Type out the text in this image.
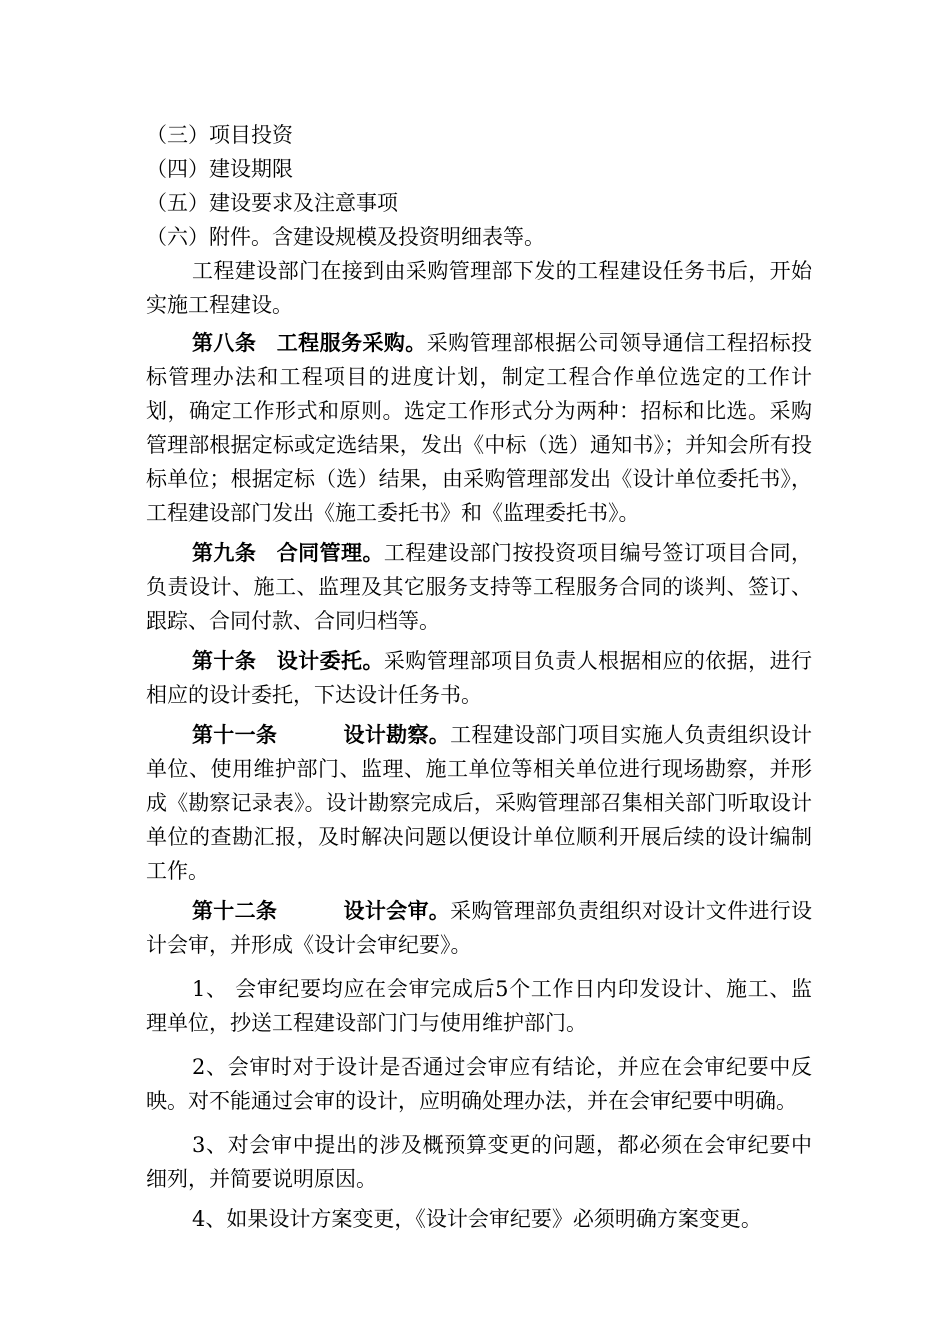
（三）项目投资
（四）建设期限
（五）建设要求及注意事项
（六）附件。含建设规模及投资明细表等。
工程建设部门在接到由采购管理部下发的工程建设任务书后，开始实施工程建设。
第八条 工程服务采购。采购管理部根据公司领导通信工程招标投标管理办法和工程项目的进度计划，制定工程合作单位选定的工作计划，确定工作形式和原则。选定工作形式分为两种：招标和比选。采购管理部根据定标或定选结果，发出《中标（选）通知书》；并知会所有投标单位；根据定标（选）结果，由采购管理部发出《设计单位委托书》，工程建设部门发出《施工委托书》和《监理委托书》。
第九条 合同管理。工程建设部门按投资项目编号签订项目合同，负责设计、施工、监理及其它服务支持等工程服务合同的谈判、签订、跟踪、合同付款、合同归档等。
第十条 设计委托。采购管理部项目负责人根据相应的依据，进行相应的设计委托，下达设计任务书。
第十一条	设计勘察。工程建设部门项目实施人负责组织设计单位、使用维护部门、监理、施工单位等相关单位进行现场勘察，并形成《勘察记录表》。设计勘察完成后，采购管理部召集相关部门听取设计单位的查勘汇报，及时解决问题以便设计单位顺利开展后续的设计编制工作。
第十二条	设计会审。采购管理部负责组织对设计文件进行设计会审，并形成《设计会审纪要》。
1、 会审纪要均应在会审完成后5个工作日内印发设计、施工、监理单位，抄送工程建设部门门与使用维护部门。
2、会审时对于设计是否通过会审应有结论，并应在会审纪要中反映。对不能通过会审的设计，应明确处理办法，并在会审纪要中明确。
3、对会审中提出的涉及概预算变更的问题，都必须在会审纪要中细列，并简要说明原因。
4、如果设计方案变更，《设计会审纪要》必须明确方案变更。
